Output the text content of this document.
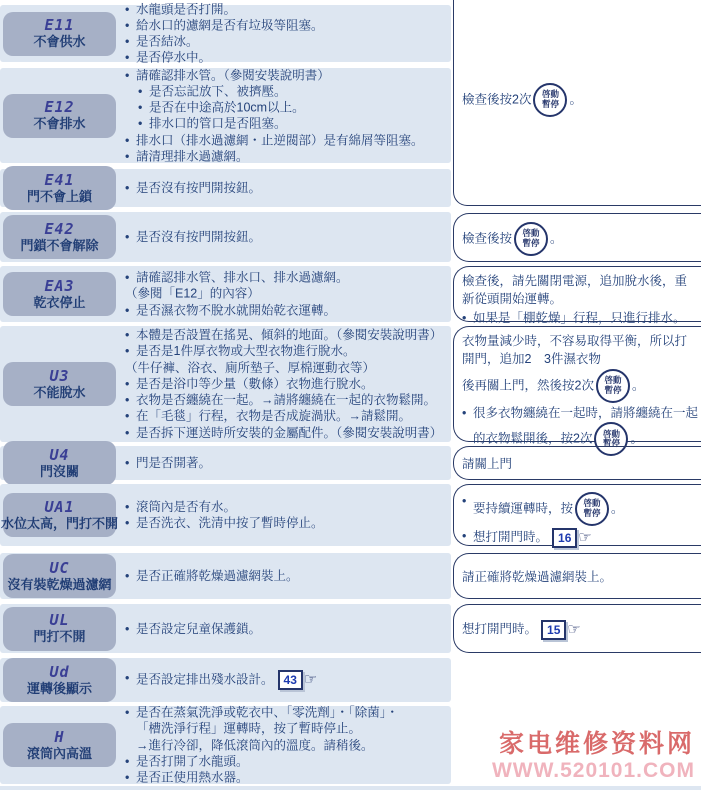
E11
不會供水
• 水龍頭是否打開。
• 給水口的濾網是否有垃圾等阻塞。
• 是否結冰。
• 是否停水中。
E12
不會排水
• 請確認排水管。（參閱安裝說明書）
• 是否忘記放下、被擠壓。
• 是否在中途高於10cm以上。
• 排水口的管口是否阻塞。
• 排水口（排水過濾網・止逆閥部）是有綿屑等阻塞。
• 請清理排水過濾網。
E41
門不會上鎖
• 是否沒有按門開按鈕。
E42
門鎖不會解除
• 是否沒有按門開按鈕。
EA3
乾衣停止
• 請確認排水管、排水口、排水過濾網。
（參閱「E12」的內容）
• 是否濕衣物不脫水就開始乾衣運轉。
U3
不能脫水
• 本體是否設置在搖晃、傾斜的地面。（參閱安裝說明書）
• 是否是1件厚衣物或大型衣物進行脫水。
（牛仔褲、浴衣、廁所墊子、厚棉運動衣等）
• 是否是浴巾等少量（數條）衣物進行脫水。
• 衣物是否纏繞在一起。→請將纏繞在一起的衣物鬆開。
• 在「毛毯」行程，衣物是否成旋渦狀。→請鬆開。
• 是否拆下運送時所安裝的金屬配件。（參閱安裝說明書）
U4
門沒關
• 門是否開著。
UA1
水位太高，門打不開
• 滾筒內是否有水。
• 是否洗衣、洗清中按了暫時停止。
UC
沒有裝乾燥過濾網
• 是否正確將乾燥過濾網裝上。
UL
門打不開
• 是否設定兒童保護鎖。
Ud
運轉後顯示
• 是否設定排出殘水設計。 43 ☞
H
滾筒內高溫
• 是否在蒸氣洗淨或乾衣中、「零洗劑」・「除菌」・
「槽洗淨行程」運轉時，按了暫時停止。
→進行冷卻，降低滾筒內的溫度。請稍後。
• 是否打開了水龍頭。
• 是否正使用熱水器。
檢查後按2次 啓動
暫停 。
檢查後按 啓動
暫停 。
檢查後，請先關閉電源，追加脫水後，重新從頭開始運轉。
• 如果是「棚乾燥」行程，只進行排水。
衣物量減少時，不容易取得平衡，所以打開門，追加2　3件濕衣物
後再關上門，然後按2次 啓動
暫停 。
• 很多衣物纏繞在一起時，請將纏繞在一起的衣物鬆開後，按2次 啓動
暫停 。
請關上門
• 要持續運轉時，按 啓動
暫停 。
• 想打開門時。 16 ☞
請正確將乾燥過濾網裝上。
想打開門時。 15 ☞
家电维修资料网
WWW.520101.COM
